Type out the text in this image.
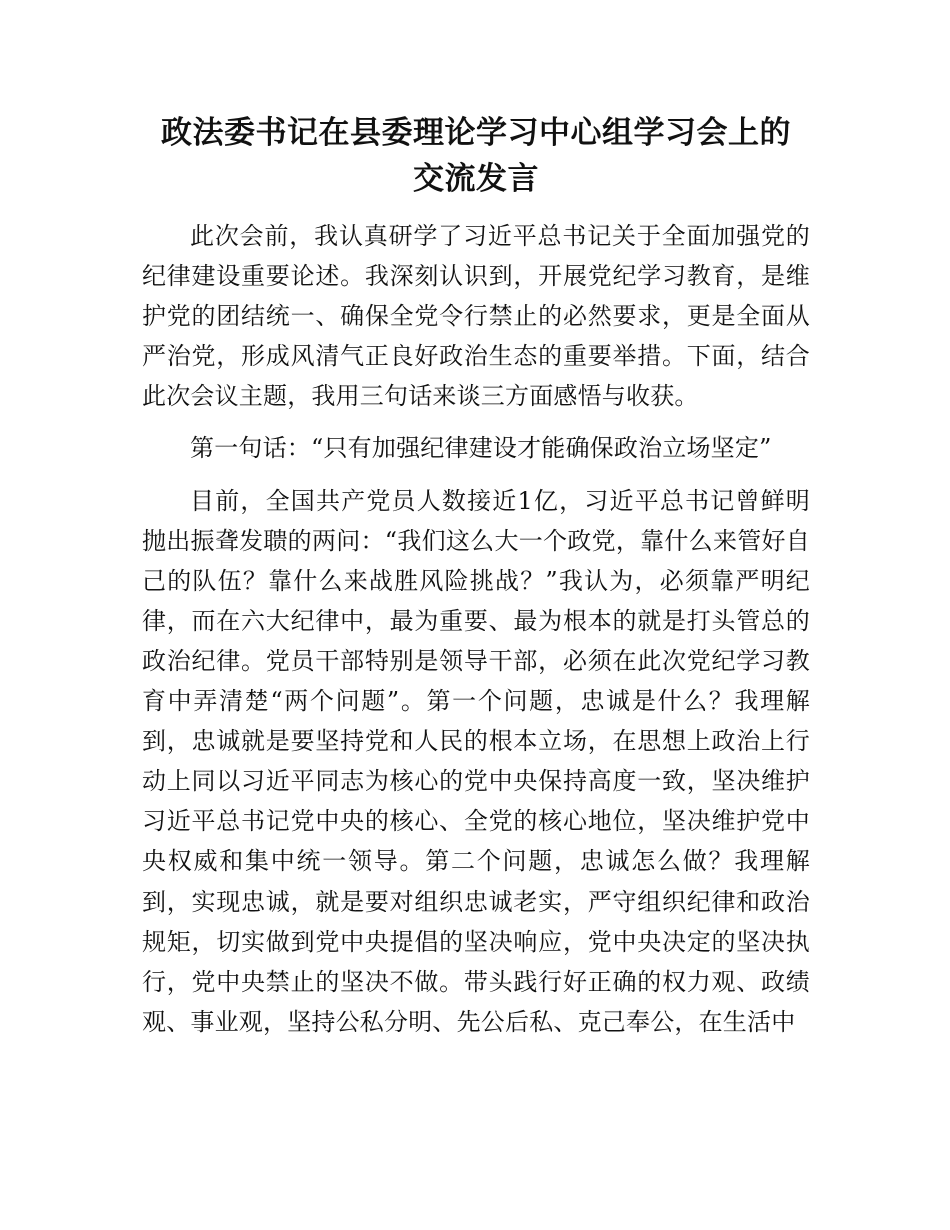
政法委书记在县委理论学习中心组学习会上的
交流发言

此次会前，我认真研学了习近平总书记关于全面加强党的纪律建设重要论述。我深刻认识到，开展党纪学习教育，是维护党的团结统一、确保全党令行禁止的必然要求，更是全面从严治党，形成风清气正良好政治生态的重要举措。下面，结合此次会议主题，我用三句话来谈三方面感悟与收获。

第一句话：“只有加强纪律建设才能确保政治立场坚定”

目前，全国共产党员人数接近1亿，习近平总书记曾鲜明抛出振聋发聩的两问：“我们这么大一个政党，靠什么来管好自己的队伍？靠什么来战胜风险挑战？”我认为，必须靠严明纪律，而在六大纪律中，最为重要、最为根本的就是打头管总的政治纪律。党员干部特别是领导干部，必须在此次党纪学习教育中弄清楚“两个问题”。第一个问题，忠诚是什么？我理解到，忠诚就是要坚持党和人民的根本立场，在思想上政治上行动上同以习近平同志为核心的党中央保持高度一致，坚决维护习近平总书记党中央的核心、全党的核心地位，坚决维护党中央权威和集中统一领导。第二个问题，忠诚怎么做？我理解到，实现忠诚，就是要对组织忠诚老实，严守组织纪律和政治规矩，切实做到党中央提倡的坚决响应，党中央决定的坚决执行，党中央禁止的坚决不做。带头践行好正确的权力观、政绩观、事业观，坚持公私分明、先公后私、克己奉公，在生活中
